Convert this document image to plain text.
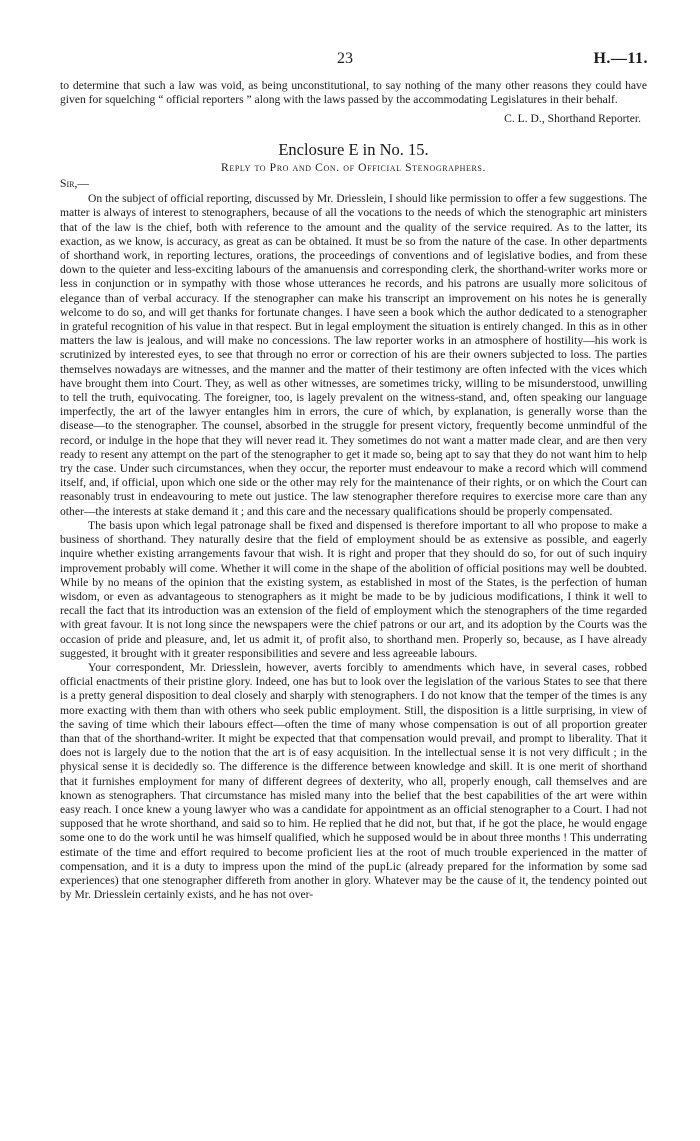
23	H.—11.

to determine that such a law was void, as being unconstitutional, to say nothing of the many other reasons they could have given for squelching “ official reporters ” along with the laws passed by the accommodating Legislatures in their behalf.

C. L. D., Shorthand Reporter.

Enclosure E in No. 15.

Reply to Pro and Con. of Official Stenographers.

Sir,—

On the subject of official reporting, discussed by Mr. Driesslein, I should like permission to offer a few suggestions. The matter is always of interest to stenographers, because of all the vocations to the needs of which the stenographic art ministers that of the law is the chief, both with reference to the amount and the quality of the service required. As to the latter, its exaction, as we know, is accuracy, as great as can be obtained. It must be so from the nature of the case. In other departments of shorthand work, in reporting lectures, orations, the proceedings of conventions and of legislative bodies, and from these down to the quieter and less-exciting labours of the amanuensis and corresponding clerk, the shorthand-writer works more or less in conjunction or in sympathy with those whose utterances he records, and his patrons are usually more solicitous of elegance than of verbal accuracy. If the stenographer can make his transcript an improvement on his notes he is generally welcome to do so, and will get thanks for fortunate changes. I have seen a book which the author dedicated to a stenographer in grateful recognition of his value in that respect. But in legal employment the situation is entirely changed. In this as in other matters the law is jealous, and will make no concessions. The law reporter works in an atmosphere of hostility—his work is scrutinized by interested eyes, to see that through no error or correction of his are their owners subjected to loss. The parties themselves nowadays are witnesses, and the manner and the matter of their testimony are often infected with the vices which have brought them into Court. They, as well as other witnesses, are sometimes tricky, willing to be misunderstood, unwilling to tell the truth, equivocating. The foreigner, too, is lagely prevalent on the witness-stand, and, often speaking our language imperfectly, the art of the lawyer entangles him in errors, the cure of which, by explanation, is generally worse than the disease—to the stenographer. The counsel, absorbed in the struggle for present victory, frequently become unmindful of the record, or indulge in the hope that they will never read it. They sometimes do not want a matter made clear, and are then very ready to resent any attempt on the part of the stenographer to get it made so, being apt to say that they do not want him to help try the case. Under such circumstances, when they occur, the reporter must endeavour to make a record which will commend itself, and, if official, upon which one side or the other may rely for the maintenance of their rights, or on which the Court can reasonably trust in endeavouring to mete out justice. The law stenographer therefore requires to exercise more care than any other—the interests at stake demand it ; and this care and the necessary qualifications should be properly compensated.

The basis upon which legal patronage shall be fixed and dispensed is therefore important to all who propose to make a business of shorthand. They naturally desire that the field of employment should be as extensive as possible, and eagerly inquire whether existing arrangements favour that wish. It is right and proper that they should do so, for out of such inquiry improvement probably will come. Whether it will come in the shape of the abolition of official positions may well be doubted. While by no means of the opinion that the existing system, as established in most of the States, is the perfection of human wisdom, or even as advantageous to stenographers as it might be made to be by judicious modifications, I think it well to recall the fact that its introduction was an extension of the field of employment which the stenographers of the time regarded with great favour. It is not long since the newspapers were the chief patrons or our art, and its adoption by the Courts was the occasion of pride and pleasure, and, let us admit it, of profit also, to shorthand men. Properly so, because, as I have already suggested, it brought with it greater responsibilities and severe and less agreeable labours.

Your correspondent, Mr. Driesslein, however, averts forcibly to amendments which have, in several cases, robbed official enactments of their pristine glory. Indeed, one has but to look over the legislation of the various States to see that there is a pretty general disposition to deal closely and sharply with stenographers. I do not know that the temper of the times is any more exacting with them than with others who seek public employment. Still, the disposition is a little surprising, in view of the saving of time which their labours effect—often the time of many whose compensation is out of all proportion greater than that of the shorthand-writer. It might be expected that that compensation would prevail, and prompt to liberality. That it does not is largely due to the notion that the art is of easy acquisition. In the intellectual sense it is not very difficult ; in the physical sense it is decidedly so. The difference is the difference between knowledge and skill. It is one merit of shorthand that it furnishes employment for many of different degrees of dexterity, who all, properly enough, call themselves and are known as stenographers. That circumstance has misled many into the belief that the best capabilities of the art were within easy reach. I once knew a young lawyer who was a candidate for appointment as an official stenographer to a Court. I had not supposed that he wrote shorthand, and said so to him. He replied that he did not, but that, if he got the place, he would engage some one to do the work until he was himself qualified, which he supposed would be in about three months ! This underrating estimate of the time and effort required to become proficient lies at the root of much trouble experienced in the matter of compensation, and it is a duty to impress upon the mind of the pupLic (already prepared for the information by some sad experiences) that one stenographer differeth from another in glory. Whatever may be the cause of it, the tendency pointed out by Mr. Driesslein certainly exists, and he has not over-
